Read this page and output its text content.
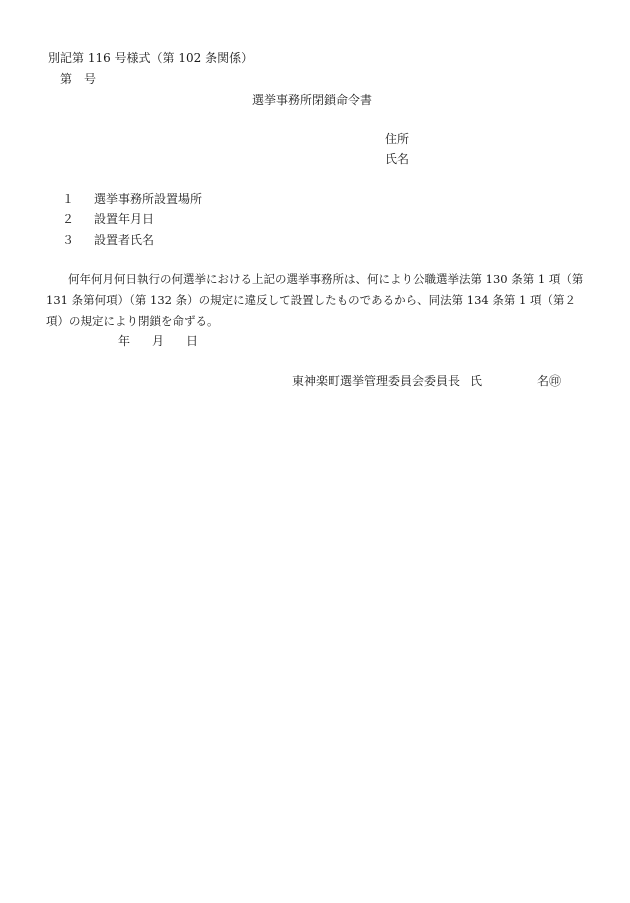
別記第 116 号様式（第 102 条関係）
第 号
選挙事務所閉鎖命令書
住所
氏名
１ 選挙事務所設置場所
２ 設置年月日
３ 設置者氏名
何年何月何日執行の何選挙における上記の選挙事務所は、何により公職選挙法第 130 条第 1 項（第
131 条第何項）（第 132 条）の規定に違反して設置したものであるから、同法第 134 条第 1 項（第２
項）の規定により閉鎖を命ずる。
年 月 日
東神楽町選挙管理委員会委員長 氏	名㊞
